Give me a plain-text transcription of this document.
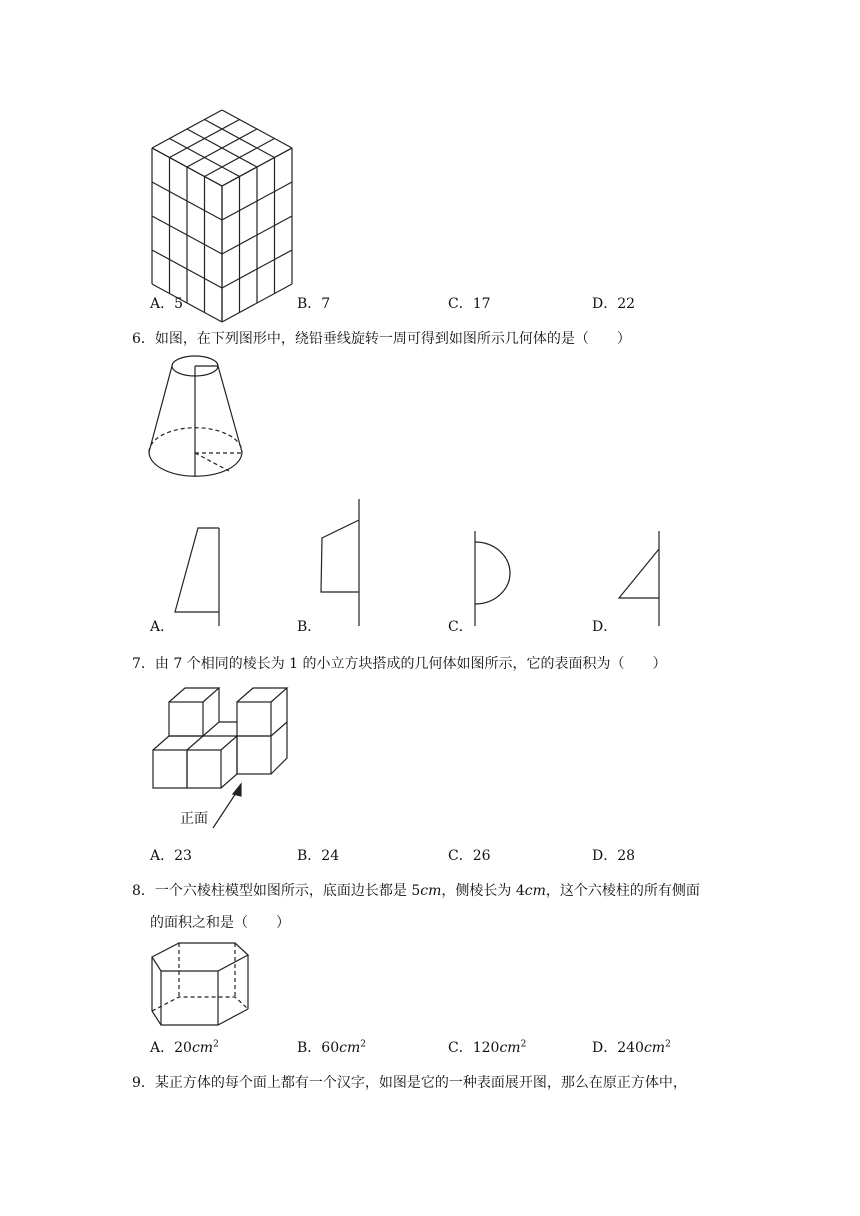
A．5	B．7	C．17	D．22
6．如图，在下列图形中，绕铅垂线旋转一周可得到如图所示几何体的是（　　）
A．	B．	C．	D．
7．由 7 个相同的棱长为 1 的小立方块搭成的几何体如图所示，它的表面积为（　　）
正面
A．23	B．24	C．26	D．28
8．一个六棱柱模型如图所示，底面边长都是 5cm，侧棱长为 4cm，这个六棱柱的所有侧面
的面积之和是（　　）
A．$20cm^2$	B．$60cm^2$	C．$120cm^2$	D．$240cm^2$
9．某正方体的每个面上都有一个汉字，如图是它的一种表面展开图，那么在原正方体中，
